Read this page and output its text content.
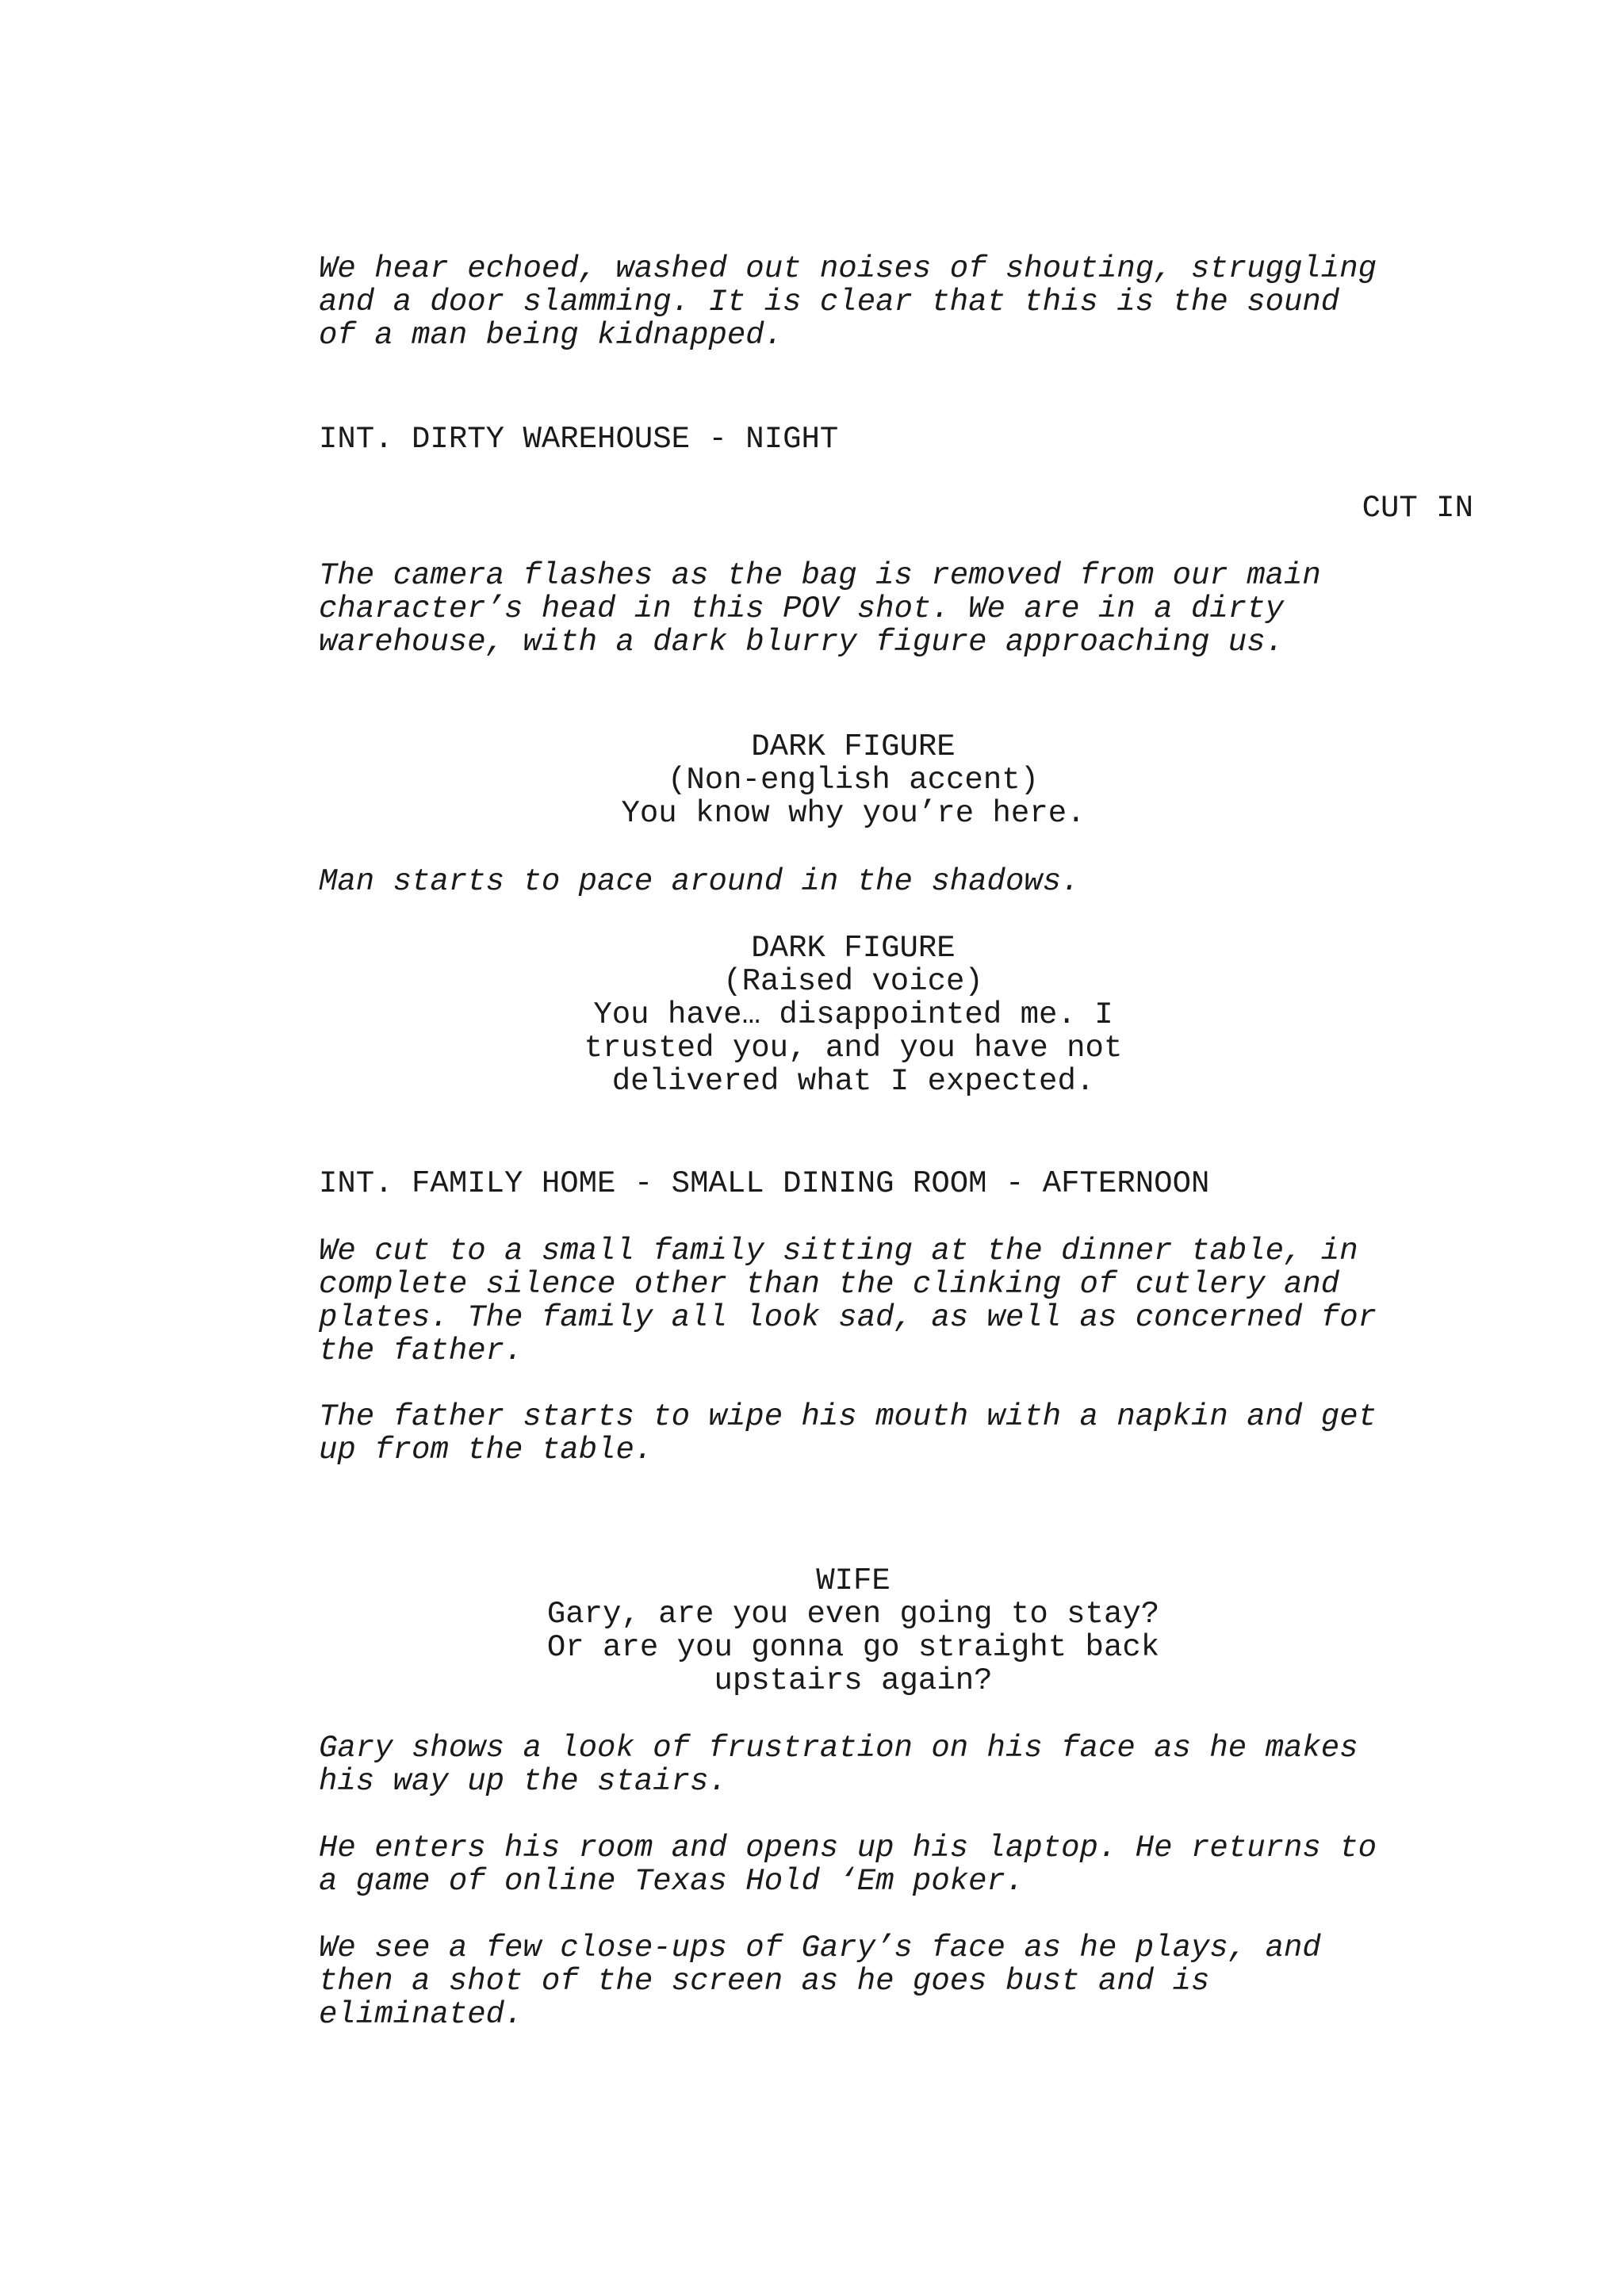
We hear echoed, washed out noises of shouting, struggling
and a door slamming. It is clear that this is the sound
of a man being kidnapped.
INT. DIRTY WAREHOUSE - NIGHT
CUT IN
The camera flashes as the bag is removed from our main
character’s head in this POV shot. We are in a dirty
warehouse, with a dark blurry figure approaching us.
DARK FIGURE
(Non-english accent)
You know why you’re here.
Man starts to pace around in the shadows.
DARK FIGURE
(Raised voice)
You have… disappointed me. I
trusted you, and you have not
delivered what I expected.
INT. FAMILY HOME - SMALL DINING ROOM - AFTERNOON
We cut to a small family sitting at the dinner table, in
complete silence other than the clinking of cutlery and
plates. The family all look sad, as well as concerned for
the father.
The father starts to wipe his mouth with a napkin and get
up from the table.
WIFE
Gary, are you even going to stay?
Or are you gonna go straight back
upstairs again?
Gary shows a look of frustration on his face as he makes
his way up the stairs.
He enters his room and opens up his laptop. He returns to
a game of online Texas Hold ‘Em poker.
We see a few close-ups of Gary’s face as he plays, and
then a shot of the screen as he goes bust and is
eliminated.
